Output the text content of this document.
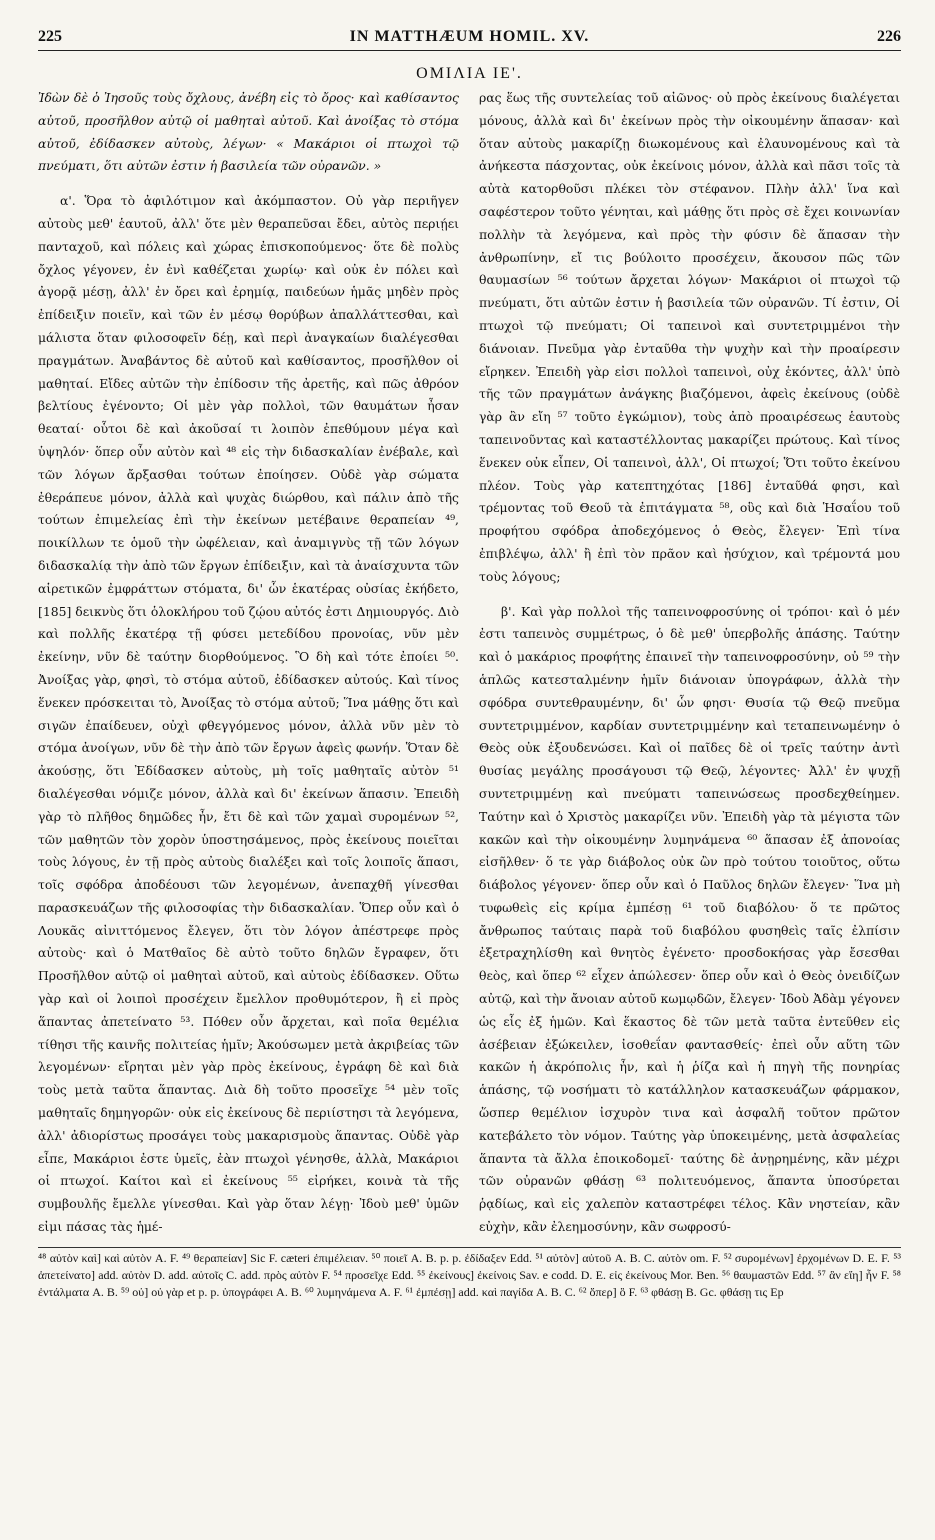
225	IN MATTHÆUM HOMIL. XV.	226
ΟΜΙΛΙΑ ΙΕ'.

Ἰδὼν δὲ ὁ Ἰησοῦς τοὺς ὄχλους, ἀνέβη εἰς τὸ ὄρος· καὶ καθίσαντος αὐτοῦ, προσῆλθον αὐτῷ οἱ μαθηταὶ αὐτοῦ. Καὶ ἀνοίξας τὸ στόμα αὐτοῦ, ἐδίδασκεν αὐτοὺς, λέγων· « Μακάριοι οἱ πτωχοὶ τῷ πνεύματι, ὅτι αὐτῶν ἐστιν ἡ βασιλεία τῶν οὐρανῶν. »

α'. Ὅρα τὸ ἀφιλότιμον καὶ ἀκόμπαστον. Οὐ γὰρ περιῆγεν αὐτοὺς μεθ' ἑαυτοῦ, ἀλλ' ὅτε μὲν θεραπεῦσαι ἔδει, αὐτὸς περιῄει πανταχοῦ, καὶ πόλεις καὶ χώρας ἐπισκοπούμενος· ὅτε δὲ πολὺς ὄχλος γέγονεν, ἐν ἑνὶ καθέζεται χωρίῳ· καὶ οὐκ ἐν πόλει καὶ ἀγορᾷ μέσῃ, ἀλλ' ἐν ὄρει καὶ ἐρημίᾳ, παιδεύων ἡμᾶς μηδὲν πρὸς ἐπίδειξιν ποιεῖν, καὶ τῶν ἐν μέσῳ θορύβων ἀπαλλάττεσθαι, καὶ μάλιστα ὅταν φιλοσοφεῖν δέῃ, καὶ περὶ ἀναγκαίων διαλέγεσθαι πραγμάτων. Ἀναβάντος δὲ αὐτοῦ καὶ καθίσαντος, προσῆλθον οἱ μαθηταί. Εἴδες αὐτῶν τὴν ἐπίδοσιν τῆς ἀρετῆς, καὶ πῶς ἀθρόον βελτίους ἐγένοντο; Οἱ μὲν γὰρ πολλοὶ, τῶν θαυμάτων ἦσαν θεαταί· οὗτοι δὲ καὶ ἀκοῦσαί τι λοιπὸν ἐπεθύμουν μέγα καὶ ὑψηλόν· ὅπερ οὖν αὐτὸν καὶ ⁴⁸ εἰς τὴν διδασκαλίαν ἐνέβαλε, καὶ τῶν λόγων ἄρξασθαι τούτων ἐποίησεν. Οὐδὲ γὰρ σώματα ἐθεράπευε μόνον, ἀλλὰ καὶ ψυχὰς διώρθου, καὶ πάλιν ἀπὸ τῆς τούτων ἐπιμελείας ἐπὶ τὴν ἐκείνων μετέβαινε θεραπείαν ⁴⁹, ποικίλλων τε ὁμοῦ τὴν ὠφέλειαν, καὶ ἀναμιγνὺς τῇ τῶν λόγων διδασκαλίᾳ τὴν ἀπὸ τῶν ἔργων ἐπίδειξιν, καὶ τὰ ἀναίσχυντα τῶν αἱρετικῶν ἐμφράττων στόματα, δι' ὧν ἑκατέρας οὐσίας ἐκήδετο, [185] δεικνὺς ὅτι ὁλοκλήρου τοῦ ζῴου αὐτός ἐστι Δημιουργός. Διὸ καὶ πολλῆς ἑκατέρᾳ τῇ φύσει μετεδίδου προνοίας, νῦν μὲν ἐκείνην, νῦν δὲ ταύτην διορθούμενος. Ὃ δὴ καὶ τότε ἐποίει ⁵⁰. Ἀνοίξας γὰρ, φησὶ, τὸ στόμα αὐτοῦ, ἐδίδασκεν αὐτούς. Καὶ τίνος ἕνεκεν πρόσκειται τὸ, Ἀνοίξας τὸ στόμα αὐτοῦ; Ἵνα μάθῃς ὅτι καὶ σιγῶν ἐπαίδευεν, οὐχὶ φθεγγόμενος μόνον, ἀλλὰ νῦν μὲν τὸ στόμα ἀνοίγων, νῦν δὲ τὴν ἀπὸ τῶν ἔργων ἀφεὶς φωνήν. Ὅταν δὲ ἀκούσῃς, ὅτι Ἐδίδασκεν αὐτοὺς, μὴ τοῖς μαθηταῖς αὐτὸν ⁵¹ διαλέγεσθαι νόμιζε μόνον, ἀλλὰ καὶ δι' ἐκείνων ἅπασιν. Ἐπειδὴ γὰρ τὸ πλῆθος δημῶδες ἦν, ἔτι δὲ καὶ τῶν χαμαὶ συρομένων ⁵², τῶν μαθητῶν τὸν χορὸν ὑποστησάμενος, πρὸς ἐκείνους ποιεῖται τοὺς λόγους, ἐν τῇ πρὸς αὐτοὺς διαλέξει καὶ τοῖς λοιποῖς ἅπασι, τοῖς σφόδρα ἀποδέουσι τῶν λεγομένων, ἀνεπαχθῆ γίνεσθαι παρασκευάζων τῆς φιλοσοφίας τὴν διδασκαλίαν. Ὅπερ οὖν καὶ ὁ Λουκᾶς αἰνιττόμενος ἔλεγεν, ὅτι τὸν λόγον ἀπέστρεφε πρὸς αὐτοὺς· καὶ ὁ Ματθαῖος δὲ αὐτὸ τοῦτο δηλῶν ἔγραφεν, ὅτι Προσῆλθον αὐτῷ οἱ μαθηταὶ αὐτοῦ, καὶ αὐτοὺς ἐδίδασκεν. Οὕτω γὰρ καὶ οἱ λοιποὶ προσέχειν ἔμελλον προθυμότερον, ἢ εἰ πρὸς ἅπαντας ἀπετείνατο ⁵³. Πόθεν οὖν ἄρχεται, καὶ ποῖα θεμέλια τίθησι τῆς καινῆς πολιτείας ἡμῖν; Ἀκούσωμεν μετὰ ἀκριβείας τῶν λεγομένων· εἴρηται μὲν γὰρ πρὸς ἐκείνους, ἐγράφη δὲ καὶ διὰ τοὺς μετὰ ταῦτα ἅπαντας. Διὰ δὴ τοῦτο προσεῖχε ⁵⁴ μὲν τοῖς μαθηταῖς δημηγορῶν· οὐκ εἰς ἐκείνους δὲ περιίστησι τὰ λεγόμενα, ἀλλ' ἀδιορίστως προσάγει τοὺς μακαρισμοὺς ἅπαντας. Οὐδὲ γὰρ εἶπε, Μακάριοι ἐστε ὑμεῖς, ἐὰν πτωχοὶ γένησθε, ἀλλὰ, Μακάριοι οἱ πτωχοί. Καίτοι καὶ εἰ ἐκείνους ⁵⁵ εἰρήκει, κοινὰ τὰ τῆς συμβουλῆς ἔμελλε γίνεσθαι. Καὶ γὰρ ὅταν λέγῃ· Ἰδοὺ μεθ' ὑμῶν εἰμι πάσας τὰς ἡμέ-

ρας ἕως τῆς συντελείας τοῦ αἰῶνος· οὐ πρὸς ἐκείνους διαλέγεται μόνους, ἀλλὰ καὶ δι' ἐκείνων πρὸς τὴν οἰκουμένην ἅπασαν· καὶ ὅταν αὐτοὺς μακαρίζῃ διωκομένους καὶ ἐλαυνομένους καὶ τὰ ἀνήκεστα πάσχοντας, οὐκ ἐκείνοις μόνον, ἀλλὰ καὶ πᾶσι τοῖς τὰ αὐτὰ κατορθοῦσι πλέκει τὸν στέφανον. Πλὴν ἀλλ' ἵνα καὶ σαφέστερον τοῦτο γένηται, καὶ μάθῃς ὅτι πρὸς σὲ ἔχει κοινωνίαν πολλὴν τὰ λεγόμενα, καὶ πρὸς τὴν φύσιν δὲ ἅπασαν τὴν ἀνθρωπίνην, εἴ τις βούλοιτο προσέχειν, ἄκουσον πῶς τῶν θαυμασίων ⁵⁶ τούτων ἄρχεται λόγων· Μακάριοι οἱ πτωχοὶ τῷ πνεύματι, ὅτι αὐτῶν ἐστιν ἡ βασιλεία τῶν οὐρανῶν. Τί ἐστιν, Οἱ πτωχοὶ τῷ πνεύματι; Οἱ ταπεινοὶ καὶ συντετριμμένοι τὴν διάνοιαν. Πνεῦμα γὰρ ἐνταῦθα τὴν ψυχὴν καὶ τὴν προαίρεσιν εἴρηκεν. Ἐπειδὴ γὰρ εἰσι πολλοὶ ταπεινοὶ, οὐχ ἑκόντες, ἀλλ' ὑπὸ τῆς τῶν πραγμάτων ἀνάγκης βιαζόμενοι, ἀφεὶς ἐκείνους (οὐδὲ γὰρ ἂν εἴη ⁵⁷ τοῦτο ἐγκώμιον), τοὺς ἀπὸ προαιρέσεως ἑαυτοὺς ταπεινοῦντας καὶ καταστέλλοντας μακαρίζει πρώτους. Καὶ τίνος ἕνεκεν οὐκ εἶπεν, Οἱ ταπεινοὶ, ἀλλ', Οἱ πτωχοί; Ὅτι τοῦτο ἐκείνου πλέον. Τοὺς γὰρ κατεπτηχότας [186] ἐνταῦθά φησι, καὶ τρέμοντας τοῦ Θεοῦ τὰ ἐπιτάγματα ⁵⁸, οὓς καὶ διὰ Ἡσαΐου τοῦ προφήτου σφόδρα ἀποδεχόμενος ὁ Θεὸς, ἔλεγεν· Ἐπὶ τίνα ἐπιβλέψω, ἀλλ' ἢ ἐπὶ τὸν πρᾶον καὶ ἡσύχιον, καὶ τρέμοντά μου τοὺς λόγους;

β'. Καὶ γὰρ πολλοὶ τῆς ταπεινοφροσύνης οἱ τρόποι· καὶ ὁ μέν ἐστι ταπεινὸς συμμέτρως, ὁ δὲ μεθ' ὑπερβολῆς ἁπάσης. Ταύτην καὶ ὁ μακάριος προφήτης ἐπαινεῖ τὴν ταπεινοφροσύνην, οὐ ⁵⁹ τὴν ἁπλῶς κατεσταλμένην ἡμῖν διάνοιαν ὑπογράφων, ἀλλὰ τὴν σφόδρα συντεθραυμένην, δι' ὧν φησι· Θυσία τῷ Θεῷ πνεῦμα συντετριμμένον, καρδίαν συντετριμμένην καὶ τεταπεινωμένην ὁ Θεὸς οὐκ ἐξουδενώσει. Καὶ οἱ παῖδες δὲ οἱ τρεῖς ταύτην ἀντὶ θυσίας μεγάλης προσάγουσι τῷ Θεῷ, λέγοντες· Ἀλλ' ἐν ψυχῇ συντετριμμένῃ καὶ πνεύματι ταπεινώσεως προσδεχθείημεν. Ταύτην καὶ ὁ Χριστὸς μακαρίζει νῦν. Ἐπειδὴ γὰρ τὰ μέγιστα τῶν κακῶν καὶ τὴν οἰκουμένην λυμηνάμενα ⁶⁰ ἅπασαν ἐξ ἀπονοίας εἰσῆλθεν· ὅ τε γὰρ διάβολος οὐκ ὢν πρὸ τούτου τοιοῦτος, οὕτω διάβολος γέγονεν· ὅπερ οὖν καὶ ὁ Παῦλος δηλῶν ἔλεγεν· Ἵνα μὴ τυφωθεὶς εἰς κρίμα ἐμπέσῃ ⁶¹ τοῦ διαβόλου· ὅ τε πρῶτος ἄνθρωπος ταύταις παρὰ τοῦ διαβόλου φυσηθεὶς ταῖς ἐλπίσιν ἐξετραχηλίσθη καὶ θνητὸς ἐγένετο· προσδοκήσας γὰρ ἔσεσθαι θεὸς, καὶ ὅπερ ⁶² εἶχεν ἀπώλεσεν· ὅπερ οὖν καὶ ὁ Θεὸς ὀνειδίζων αὐτῷ, καὶ τὴν ἄνοιαν αὐτοῦ κωμῳδῶν, ἔλεγεν· Ἰδοὺ Ἀδὰμ γέγονεν ὡς εἷς ἐξ ἡμῶν. Καὶ ἕκαστος δὲ τῶν μετὰ ταῦτα ἐντεῦθεν εἰς ἀσέβειαν ἐξώκειλεν, ἰσοθεΐαν φαντασθείς· ἐπεὶ οὖν αὕτη τῶν κακῶν ἡ ἀκρόπολις ἦν, καὶ ἡ ῥίζα καὶ ἡ πηγὴ τῆς πονηρίας ἁπάσης, τῷ νοσήματι τὸ κατάλληλον κατασκευάζων φάρμακον, ὥσπερ θεμέλιον ἰσχυρὸν τινα καὶ ἀσφαλῆ τοῦτον πρῶτον κατεβάλετο τὸν νόμον. Ταύτης γὰρ ὑποκειμένης, μετὰ ἀσφαλείας ἅπαντα τὰ ἄλλα ἐποικοδομεῖ· ταύτης δὲ ἀνῃρημένης, κἂν μέχρι τῶν οὐρανῶν φθάσῃ ⁶³ πολιτευόμενος, ἅπαντα ὑποσύρεται ῥᾳδίως, καὶ εἰς χαλεπὸν καταστρέφει τέλος. Κἂν νηστείαν, κἂν εὐχὴν, κἂν ἐλεημοσύνην, κἂν σωφροσύ-

⁴⁸ αὐτὸν καὶ] καὶ αὐτὸν A. F. ⁴⁹ θεραπείαν] Sic F. cæteri ἐπιμέλειαν. ⁵⁰ ποιεῖ A. B. p. p. ἐδίδαξεν Edd. ⁵¹ αὐτὸν] αὐτοῦ A. B. C. αὐτὸν om. F. ⁵² συρομένων] ἐρχομένων D. E. F. ⁵³ ἀπετείνατο] add. αὐτὸν D. add. αὐτοῖς C. add. πρὸς αὐτὸν F. ⁵⁴ προσεῖχε Edd. ⁵⁵ ἐκείνους] ἐκείνοις Sav. e codd. D. E. εἰς ἐκείνους Mor. Ben. ⁵⁶ θαυμαστῶν Edd. ⁵⁷ ἂν εἴη] ἦν F. ⁵⁸ ἐντάλματα A. B. ⁵⁹ οὐ] οὐ γὰρ et p. p. ὑπογράφει A. B. ⁶⁰ λυμηνάμενα A. F. ⁶¹ ἐμπέσῃ] add. καὶ παγίδα A. B. C. ⁶² ὅπερ] ὃ F. ⁶³ φθάσῃ B. Gc. φθάσῃ τις Ep
